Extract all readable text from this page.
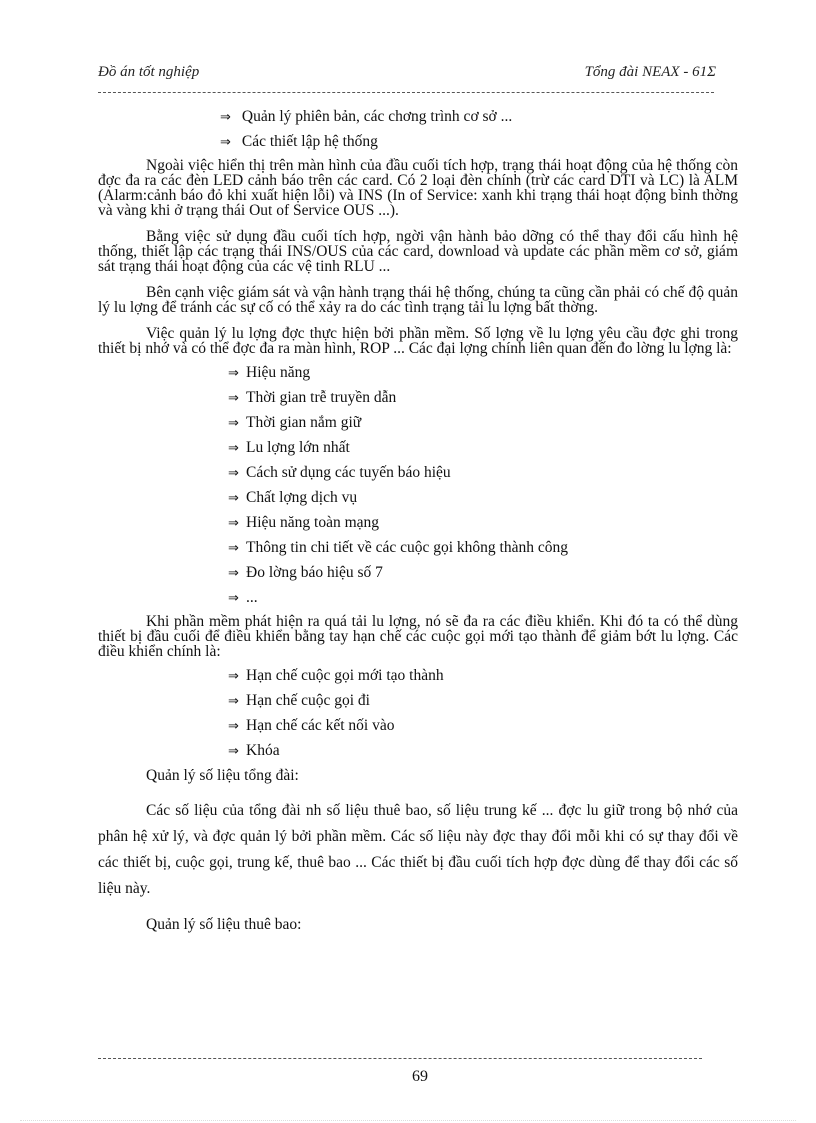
Đồ án tốt nghiệp	Tổng đài NEAX - 61Σ
⇒ Quản lý phiên bản, các chơng trình cơ sở ...
⇒ Các thiết lập hệ thống

Ngoài việc hiển thị trên màn hình của đầu cuối tích hợp, trạng thái hoạt động của hệ thống còn đợc đa ra các đèn LED cảnh báo trên các card. Có 2 loại đèn chính (trừ các card DTI và LC) là ALM (Alarm:cảnh báo đỏ khi xuất hiện lỗi) và INS (In of Service: xanh khi trạng thái hoạt động bình thờng và vàng khi ở trạng thái Out of Service OUS ...).

Bằng việc sử dụng đầu cuối tích hợp, ngời vận hành bảo dỡng có thể thay đổi cấu hình hệ thống, thiết lập các trạng thái INS/OUS của các card, download và update các phần mềm cơ sở, giám sát trạng thái hoạt động của các vệ tinh RLU ...

Bên cạnh việc giám sát và vận hành trạng thái hệ thống, chúng ta cũng cần phải có chế độ quản lý lu lợng để tránh các sự cố có thể xảy ra do các tình trạng tải lu lợng bất thờng.

Việc quản lý lu lợng đợc thực hiện bởi phần mềm. Số lợng về lu lợng yêu cầu đợc ghi trong thiết bị nhớ và có thể đợc đa ra màn hình, ROP ... Các đại lợng chính liên quan đến đo lờng lu lợng là:

⇒ Hiệu năng
⇒ Thời gian trễ truyền dẫn
⇒ Thời gian nắm giữ
⇒ Lu lợng lớn nhất
⇒ Cách sử dụng các tuyến báo hiệu
⇒ Chất lợng dịch vụ
⇒ Hiệu năng toàn mạng
⇒ Thông tin chi tiết về các cuộc gọi không thành công
⇒ Đo lờng báo hiệu số 7
⇒ ...

Khi phần mềm phát hiện ra quá tải lu lợng, nó sẽ đa ra các điều khiển. Khi đó ta có thể dùng thiết bị đầu cuối để điều khiển bằng tay hạn chế các cuộc gọi mới tạo thành để giảm bớt lu lợng. Các điều khiển chính là:

⇒ Hạn chế cuộc gọi mới tạo thành
⇒ Hạn chế cuộc gọi đi
⇒ Hạn chế các kết nối vào
⇒ Khóa
Quản lý số liệu tổng đài:

Các số liệu của tổng đài nh số liệu thuê bao, số liệu trung kế ... đợc lu giữ trong bộ nhớ của phân hệ xử lý, và đợc quản lý bởi phần mềm. Các số liệu này đợc thay đổi mỗi khi có sự thay đổi về các thiết bị, cuộc gọi, trung kế, thuê bao ... Các thiết bị đầu cuối tích hợp đợc dùng để thay đổi các số liệu này.

Quản lý số liệu thuê bao:
69
